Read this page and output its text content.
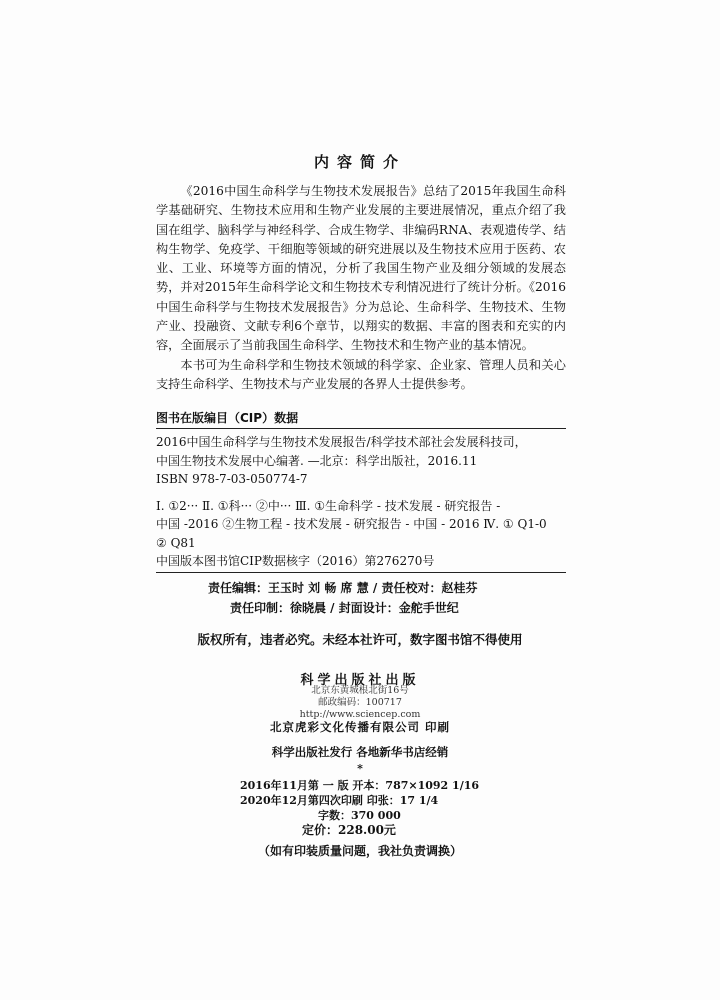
内容简介

《2016中国生命科学与生物技术发展报告》总结了2015年我国生命科学基础研究、生物技术应用和生物产业发展的主要进展情况，重点介绍了我国在组学、脑科学与神经科学、合成生物学、非编码RNA、表观遗传学、结构生物学、免疫学、干细胞等领域的研究进展以及生物技术应用于医药、农业、工业、环境等方面的情况，分析了我国生物产业及细分领域的发展态势，并对2015年生命科学论文和生物技术专利情况进行了统计分析。《2016中国生命科学与生物技术发展报告》分为总论、生命科学、生物技术、生物产业、投融资、文献专利6个章节，以翔实的数据、丰富的图表和充实的内容，全面展示了当前我国生命科学、生物技术和生物产业的基本情况。

本书可为生命科学和生物技术领域的科学家、企业家、管理人员和关心支持生命科学、生物技术与产业发展的各界人士提供参考。

图书在版编目（CIP）数据
2016中国生命科学与生物技术发展报告/科学技术部社会发展科技司，
中国生物技术发展中心编著. —北京：科学出版社，2016.11
ISBN 978-7-03-050774-7
Ⅰ. ①2··· Ⅱ. ①科··· ②中··· Ⅲ. ①生命科学 - 技术发展 - 研究报告 -
中国 -2016 ②生物工程 - 技术发展 - 研究报告 - 中国 - 2016 Ⅳ. ① Q1-0
② Q81
中国版本图书馆CIP数据核字（2016）第276270号
责任编辑：王玉时 刘 畅 席 慧 / 责任校对：赵桂芬
责任印制：徐晓晨 / 封面设计：金舵手世纪
版权所有，违者必究。未经本社许可，数字图书馆不得使用
科学出版社出版
北京东黄城根北街16号
邮政编码：100717
http://www.sciencep.com
北京虎彩文化传播有限公司 印刷
科学出版社发行 各地新华书店经销
*
2016年11月第 一 版 开本：787×1092 1/16
2020年12月第四次印刷 印张：17 1/4
字数：370 000
定价：228.00元
（如有印装质量问题，我社负责调换）
